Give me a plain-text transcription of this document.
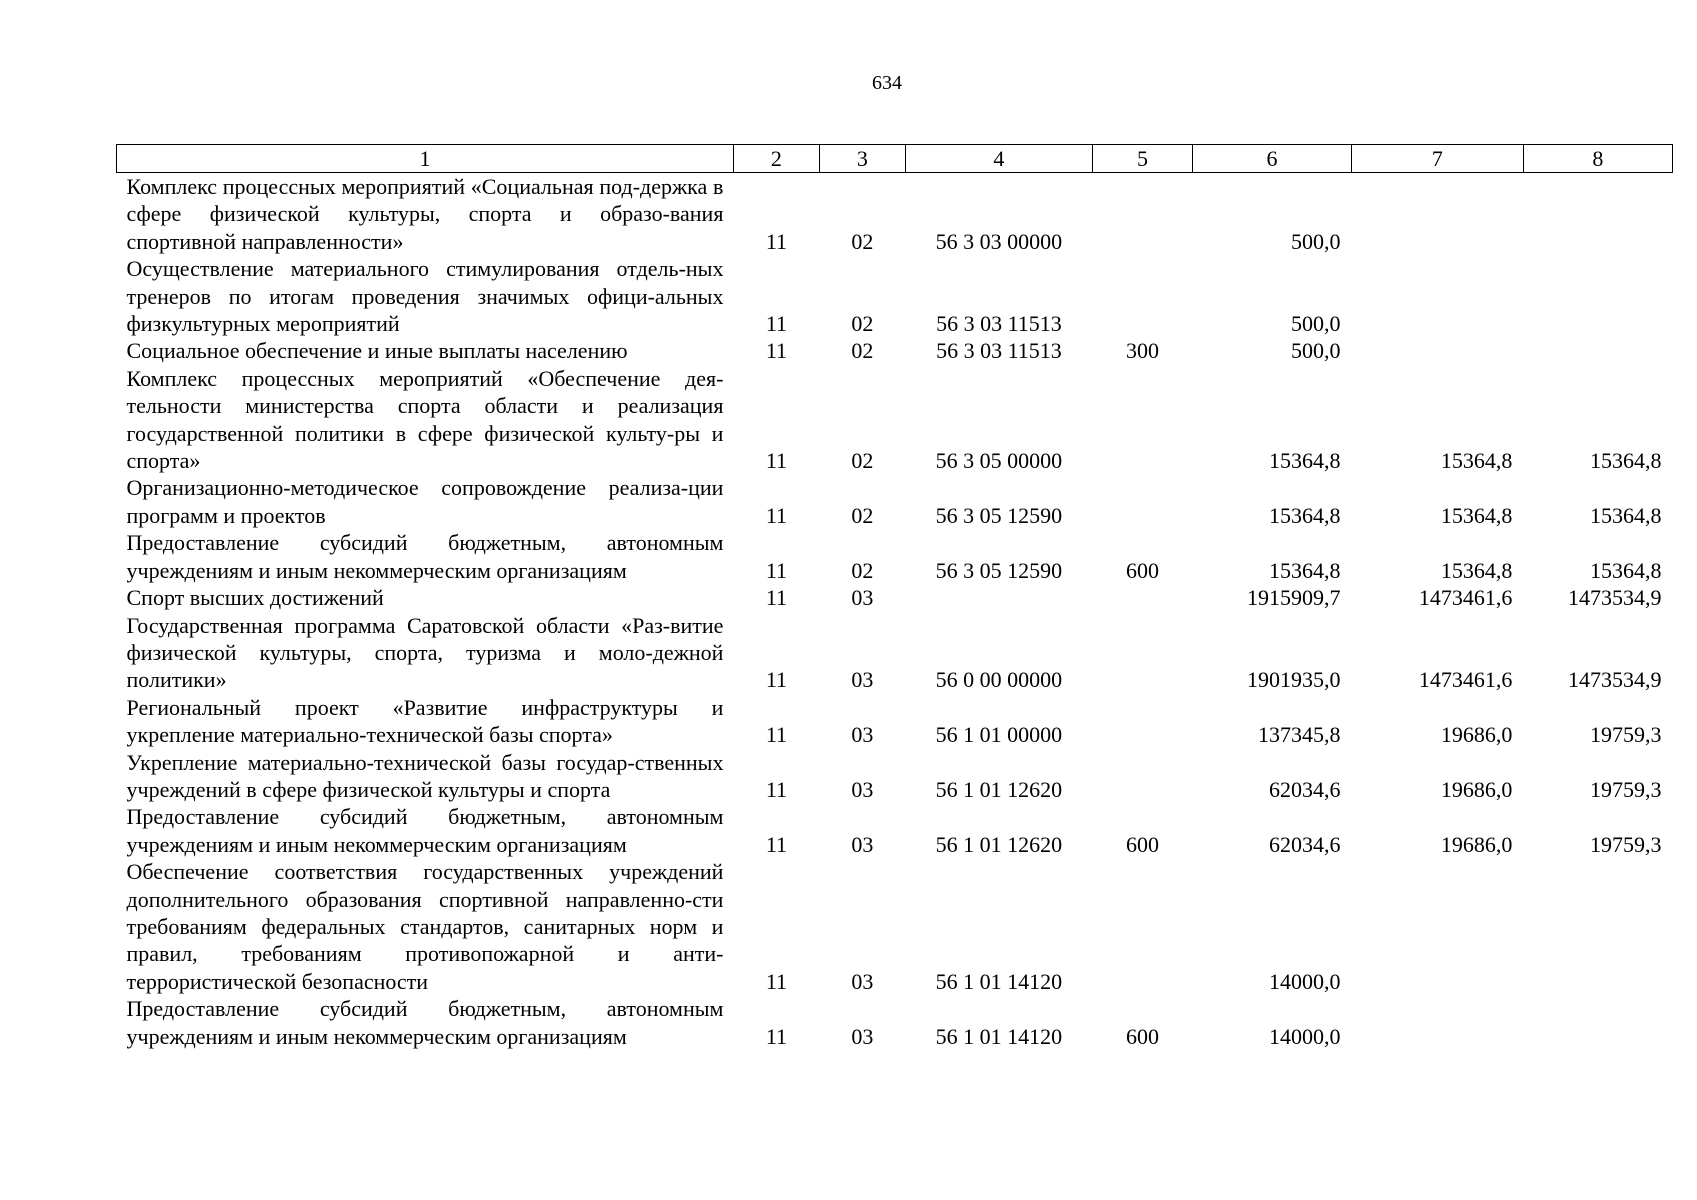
634
1	2	3	4	5	6	7	8
Комплекс процессных мероприятий «Социальная под-держка в сфере физической культуры, спорта и образо-вания спортивной направленности»	11	02	56 3 03 00000		500,0		
Осуществление материального стимулирования отдель-ных тренеров по итогам проведения значимых офици-альных физкультурных мероприятий	11	02	56 3 03 11513		500,0		
Социальное обеспечение и иные выплаты населению	11	02	56 3 03 11513	300	500,0		
Комплекс процессных мероприятий «Обеспечение дея-тельности министерства спорта области и реализация государственной политики в сфере физической культу-ры и спорта»	11	02	56 3 05 00000		15364,8	15364,8	15364,8
Организационно-методическое сопровождение реализа-ции программ и проектов	11	02	56 3 05 12590		15364,8	15364,8	15364,8
Предоставление субсидий бюджетным, автономным учреждениям и иным некоммерческим организациям	11	02	56 3 05 12590	600	15364,8	15364,8	15364,8
Спорт высших достижений	11	03			1915909,7	1473461,6	1473534,9
Государственная программа Саратовской области «Раз-витие физической культуры, спорта, туризма и моло-дежной политики»	11	03	56 0 00 00000		1901935,0	1473461,6	1473534,9
Региональный проект «Развитие инфраструктуры и укрепление материально-технической базы спорта»	11	03	56 1 01 00000		137345,8	19686,0	19759,3
Укрепление материально-технической базы государ-ственных учреждений в сфере физической культуры и спорта	11	03	56 1 01 12620		62034,6	19686,0	19759,3
Предоставление субсидий бюджетным, автономным учреждениям и иным некоммерческим организациям	11	03	56 1 01 12620	600	62034,6	19686,0	19759,3
Обеспечение соответствия государственных учреждений дополнительного образования спортивной направленно-сти требованиям федеральных стандартов, санитарных норм и правил, требованиям противопожарной и анти-террористической безопасности	11	03	56 1 01 14120		14000,0		
Предоставление субсидий бюджетным, автономным учреждениям и иным некоммерческим организациям	11	03	56 1 01 14120	600	14000,0		
